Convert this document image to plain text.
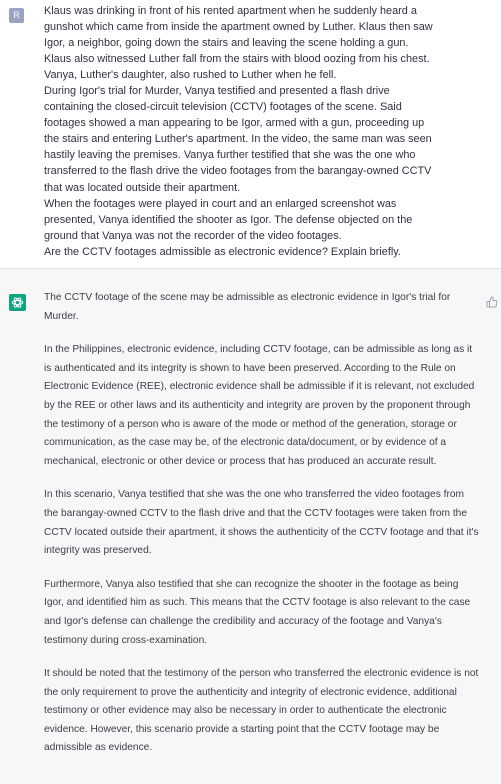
R	Klaus was drinking in front of his rented apartment when he suddenly heard a

gunshot which came from inside the apartment owned by Luther. Klaus then saw

Igor, a neighbor, going down the stairs and leaving the scene holding a gun.

Klaus also witnessed Luther fall from the stairs with blood oozing from his chest.

Vanya, Luther's daughter, also rushed to Luther when he fell.

During Igor's trial for Murder, Vanya testified and presented a flash drive

containing the closed-circuit television (CCTV) footages of the scene. Said

footages showed a man appearing to be Igor, armed with a gun, proceeding up

the stairs and entering Luther's apartment. In the video, the same man was seen

hastily leaving the premises. Vanya further testified that she was the one who

transferred to the flash drive the video footages from the barangay-owned CCTV

that was located outside their apartment.

When the footages were played in court and an enlarged screenshot was

presented, Vanya identified the shooter as Igor. The defense objected on the

ground that Vanya was not the recorder of the video footages.

Are the CCTV footages admissible as electronic evidence? Explain briefly.

The CCTV footage of the scene may be admissible as electronic evidence in Igor's trial for Murder.

In the Philippines, electronic evidence, including CCTV footage, can be admissible as long as it is authenticated and its integrity is shown to have been preserved. According to the Rule on Electronic Evidence (REE), electronic evidence shall be admissible if it is relevant, not excluded by the REE or other laws and its authenticity and integrity are proven by the proponent through the testimony of a person who is aware of the mode or method of the generation, storage or communication, as the case may be, of the electronic data/document, or by evidence of a mechanical, electronic or other device or process that has produced an accurate result.

In this scenario, Vanya testified that she was the one who transferred the video footages from the barangay-owned CCTV to the flash drive and that the CCTV footages were taken from the CCTV located outside their apartment, it shows the authenticity of the CCTV footage and that it's integrity was preserved.

Furthermore, Vanya also testified that she can recognize the shooter in the footage as being Igor, and identified him as such. This means that the CCTV footage is also relevant to the case and Igor's defense can challenge the credibility and accuracy of the footage and Vanya's testimony during cross-examination.

It should be noted that the testimony of the person who transferred the electronic evidence is not the only requirement to prove the authenticity and integrity of electronic evidence, additional testimony or other evidence may also be necessary in order to authenticate the electronic evidence. However, this scenario provide a starting point that the CCTV footage may be admissible as evidence.
